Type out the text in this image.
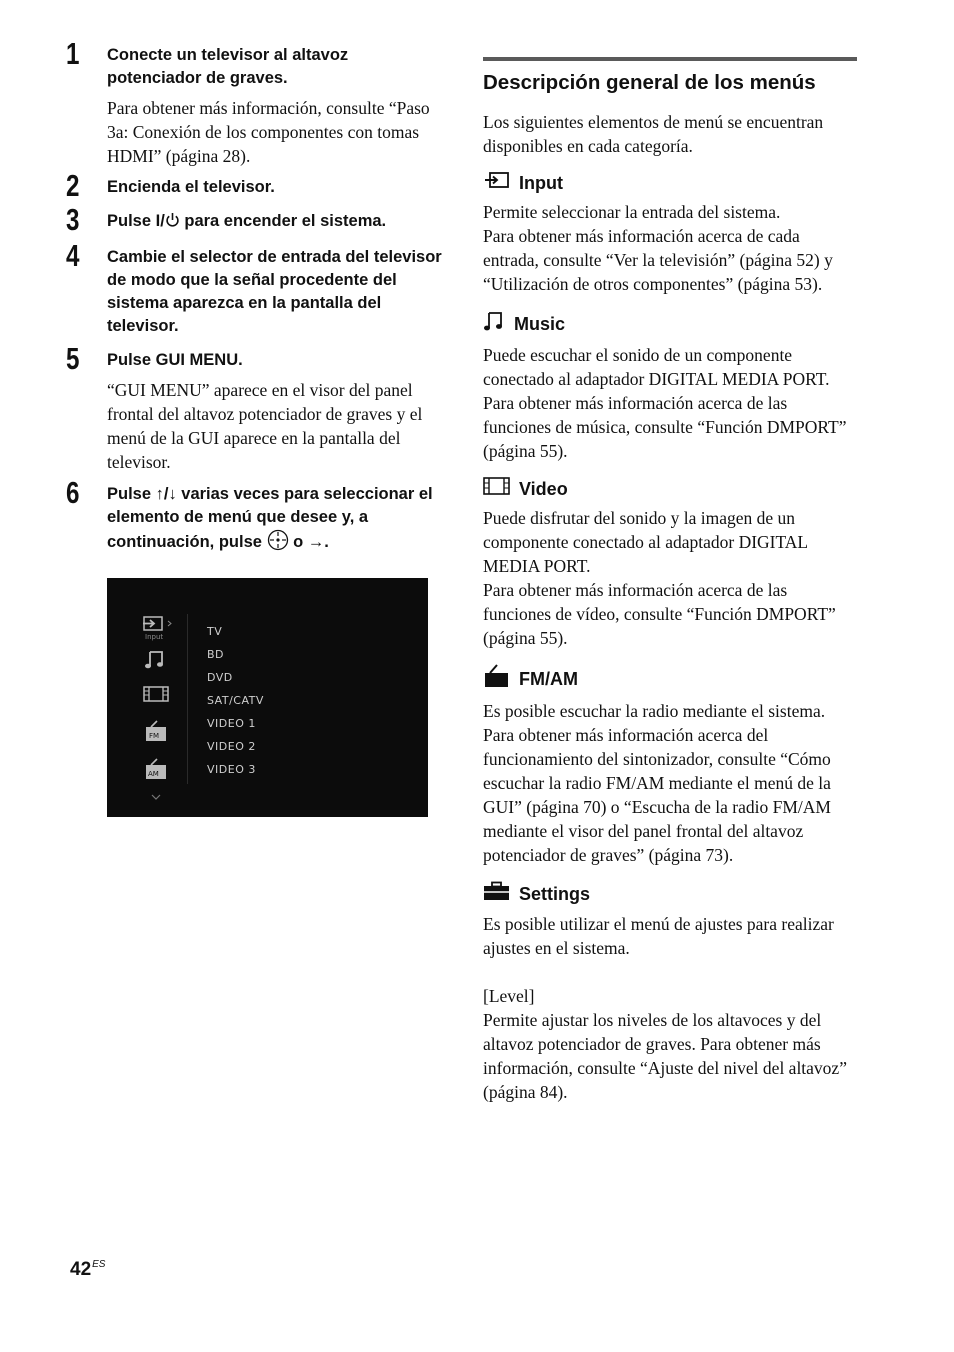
1 Conecte un televisor al altavoz potenciador de graves.

Para obtener más información, consulte “Paso 3a: Conexión de los componentes con tomas HDMI” (página 28).

2 Encienda el televisor.
3 Pulse I/ para encender el sistema.
4 Cambie el selector de entrada del televisor de modo que la señal procedente del sistema aparezca en la pantalla del televisor.
5 Pulse GUI MENU.

“GUI MENU” aparece en el visor del panel frontal del altavoz potenciador de graves y el menú de la GUI aparece en la pantalla del televisor.

6 Pulse ↑/↓ varias veces para seleccionar el elemento de menú que desee y, a continuación, pulse  o →.
Input
FM
AM
TV
BD
DVD
SAT/CATV
VIDEO 1
VIDEO 2
VIDEO 3
Descripción general de los menús

Los siguientes elementos de menú se encuentran disponibles en cada categoría.

Input

Permite seleccionar la entrada del sistema.

Para obtener más información acerca de cada entrada, consulte “Ver la televisión” (página 52) y “Utilización de otros componentes” (página 53).

Music

Puede escuchar el sonido de un componente conectado al adaptador DIGITAL MEDIA PORT.

Para obtener más información acerca de las funciones de música, consulte “Función DMPORT” (página 55).

Video

Puede disfrutar del sonido y la imagen de un componente conectado al adaptador DIGITAL MEDIA PORT.

Para obtener más información acerca de las funciones de vídeo, consulte “Función DMPORT” (página 55).

FM/AM

Es posible escuchar la radio mediante el sistema.

Para obtener más información acerca del funcionamiento del sintonizador, consulte “Cómo escuchar la radio FM/AM mediante el menú de la GUI” (página 70) o “Escucha de la radio FM/AM mediante el visor del panel frontal del altavoz potenciador de graves” (página 73).

Settings

Es posible utilizar el menú de ajustes para realizar ajustes en el sistema.

[Level]

Permite ajustar los niveles de los altavoces y del altavoz potenciador de graves. Para obtener más información, consulte “Ajuste del nivel del altavoz” (página 84).

$42^{ES}$
